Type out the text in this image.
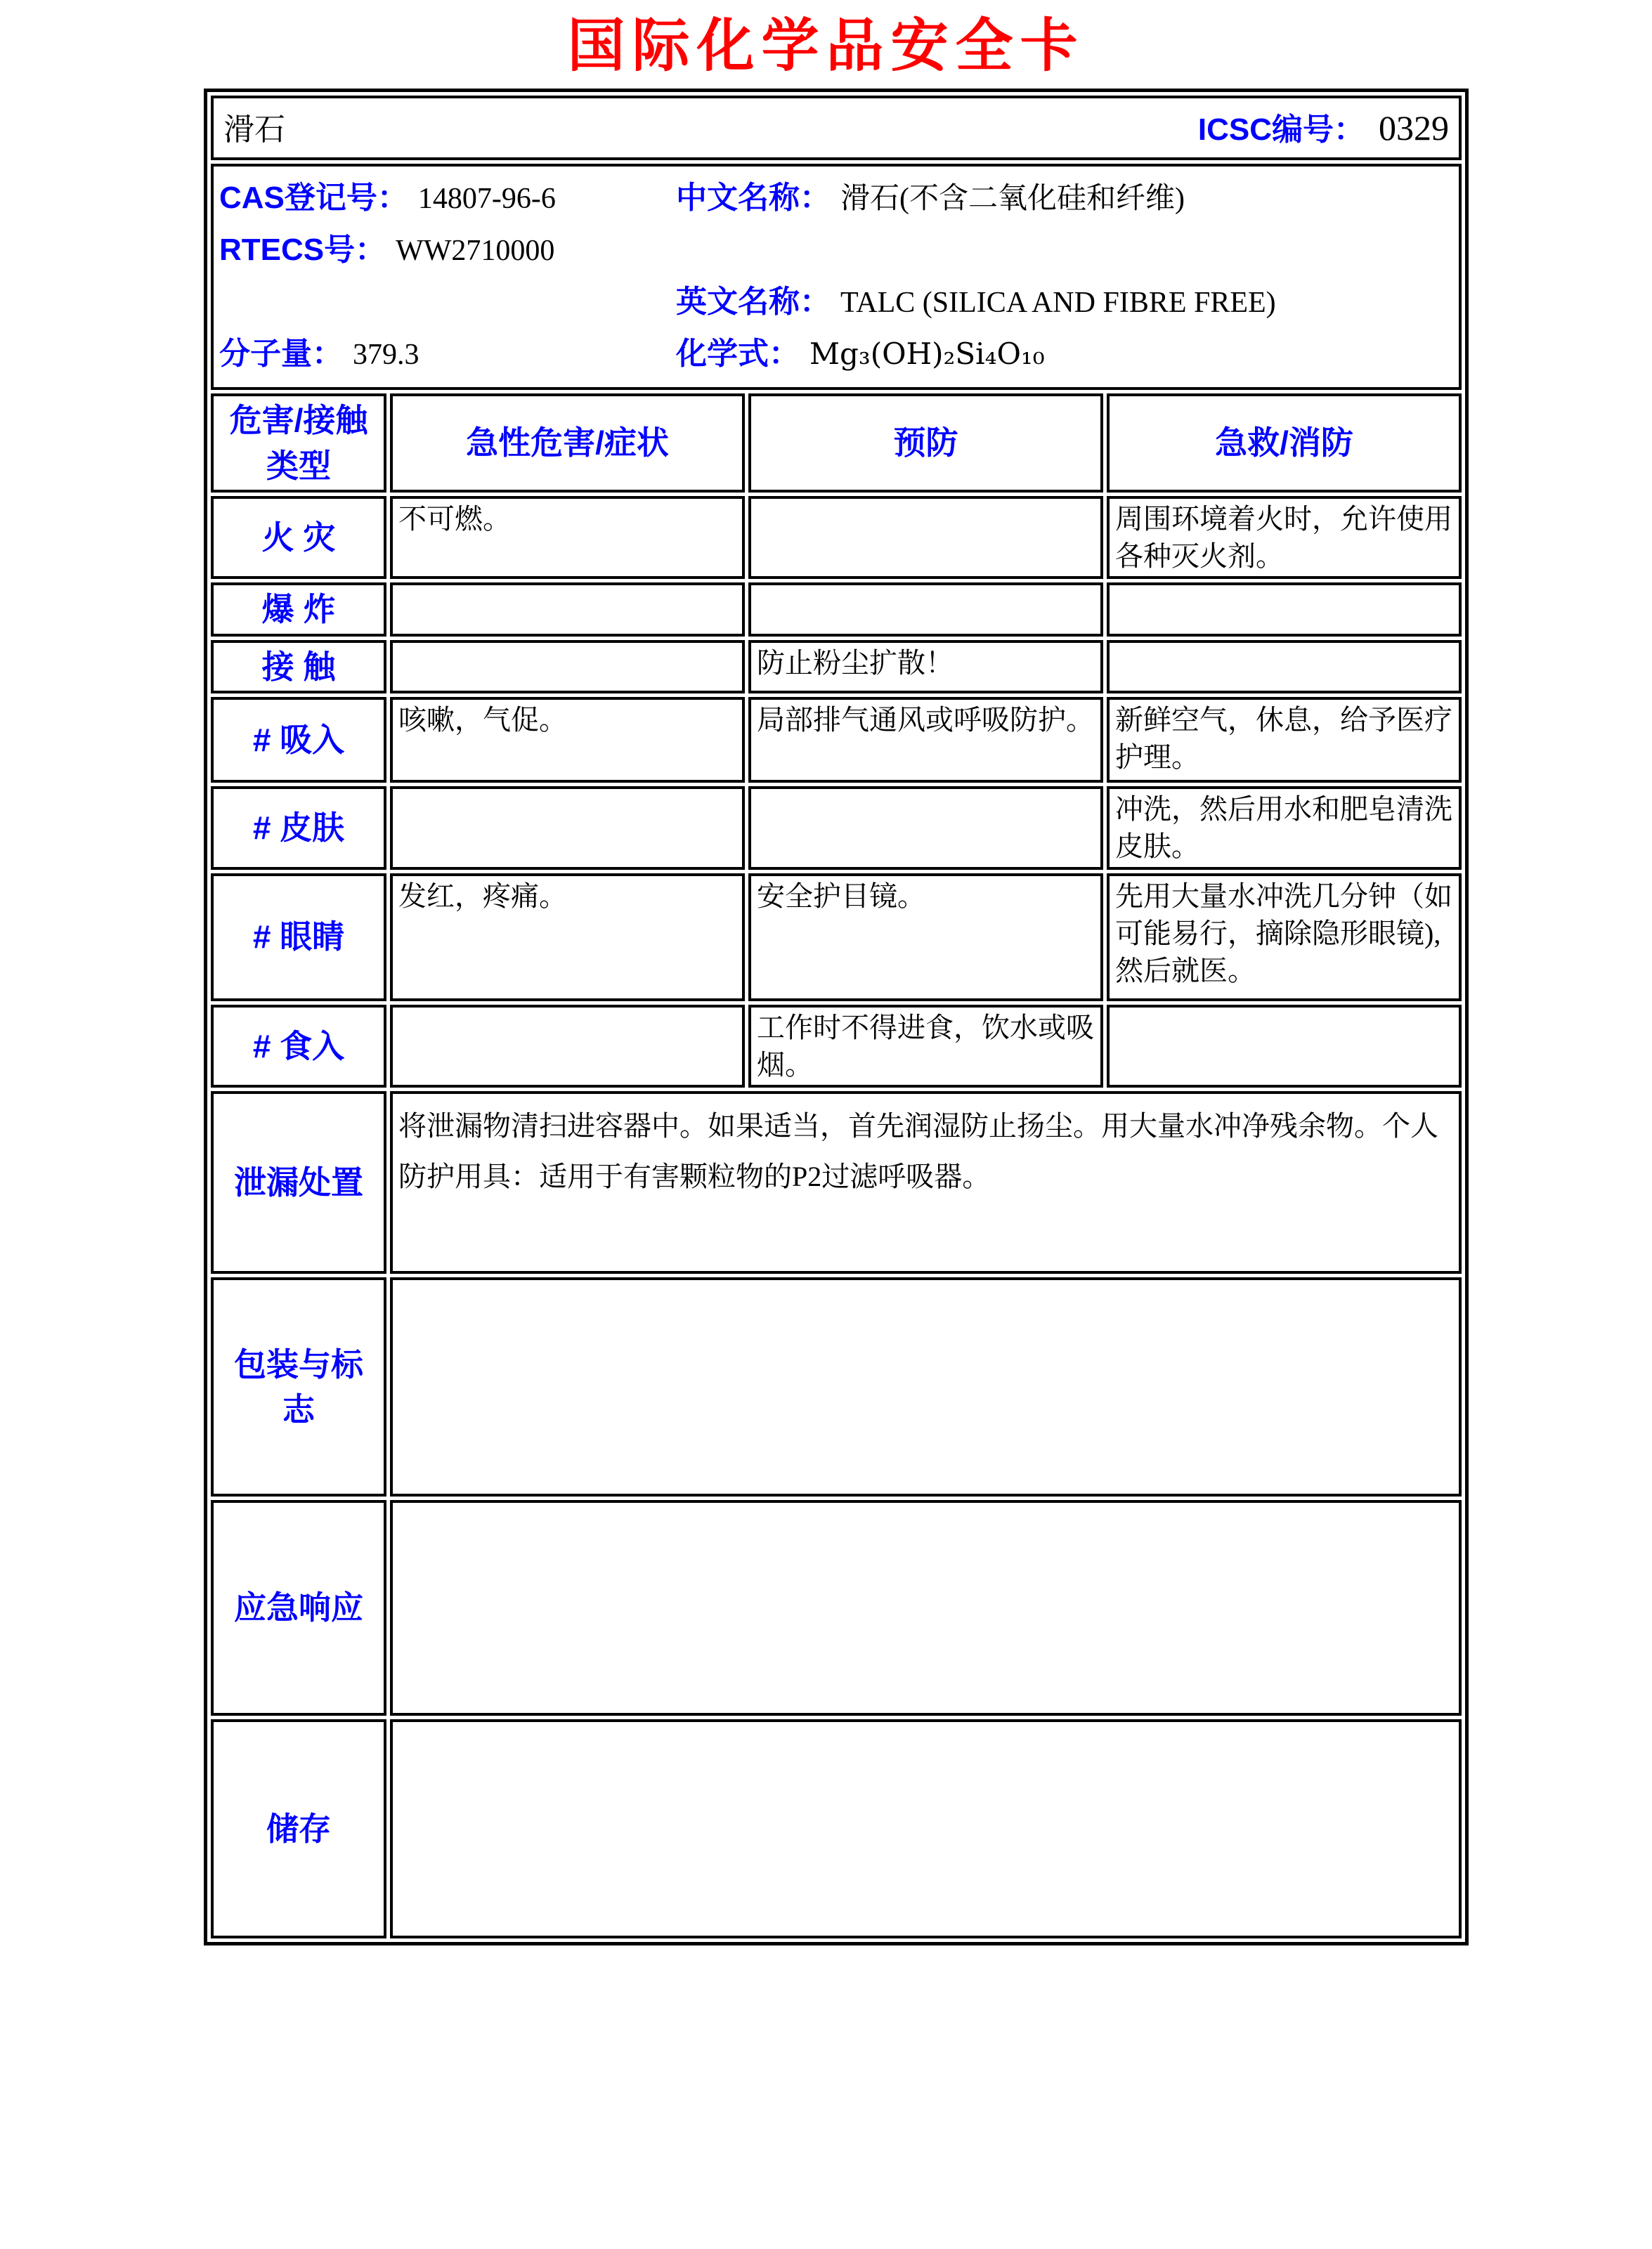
国际化学品安全卡
滑石 ICSC编号： 0329			

CAS登记号： 14807-96-6	中文名称： 滑石(不含二氧化硅和纤维)
RTECS号： WW2710000
英文名称： TALC (SILICA AND FIBRE FREE)
分子量： 379.3	化学式： Mg₃(OH)₂Si₄O₁₀

危害/接触
类型	急性危害/症状	预防	急救/消防
火 灾	不可燃。		周围环境着火时，允许使用各种灭火剂。
爆 炸			
接 触		防止粉尘扩散！	
# 吸入	咳嗽，气促。	局部排气通风或呼吸防护。	新鲜空气，休息，给予医疗护理。
# 皮肤			冲洗，然后用水和肥皂清洗皮肤。
# 眼睛	发红，疼痛。	安全护目镜。	先用大量水冲洗几分钟（如可能易行，摘除隐形眼镜),然后就医。
# 食入		工作时不得进食，饮水或吸烟。	
泄漏处置	将泄漏物清扫进容器中。如果适当，首先润湿防止扬尘。用大量水冲净残余物。个人防护用具：适用于有害颗粒物的P2过滤呼吸器。		
包装与标志			
应急响应			
储存			
